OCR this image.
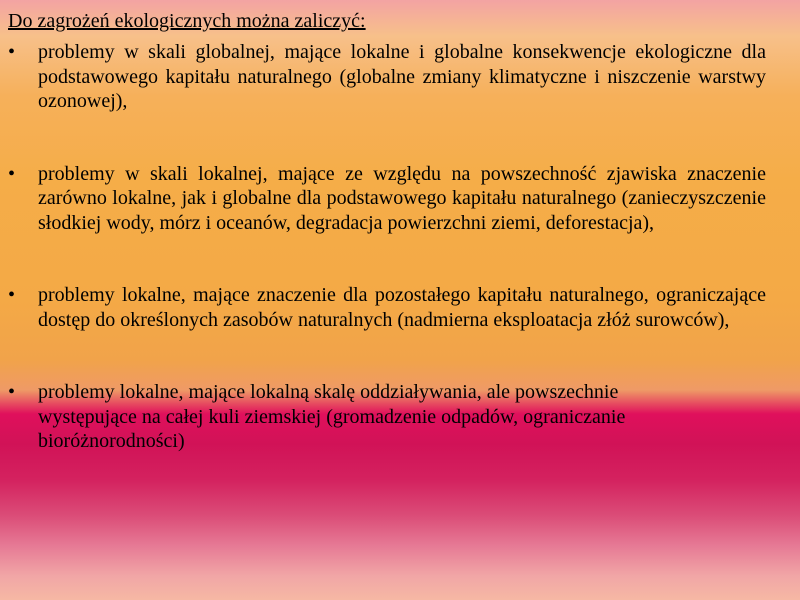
Do zagrożeń ekologicznych można zaliczyć:
• problemy w skali globalnej, mające lokalne i globalne konsekwencje ekologiczne dla podstawowego kapitału naturalnego (globalne zmiany klimatyczne i niszczenie warstwy ozonowej),
• problemy w skali lokalnej, mające ze względu na powszechność zjawiska znaczenie zarówno lokalne, jak i globalne dla podstawowego kapitału naturalnego (zanieczyszczenie słodkiej wody, mórz i oceanów, degradacja powierzchni ziemi, deforestacja),
• problemy lokalne, mające znaczenie dla pozostałego kapitału naturalnego, ograniczające dostęp do określonych zasobów naturalnych (nadmierna eksploatacja złóż surowców),
• problemy lokalne, mające lokalną skalę oddziaływania, ale powszechnie występujące na całej kuli ziemskiej (gromadzenie odpadów, ograniczanie bioróżnorodności)
